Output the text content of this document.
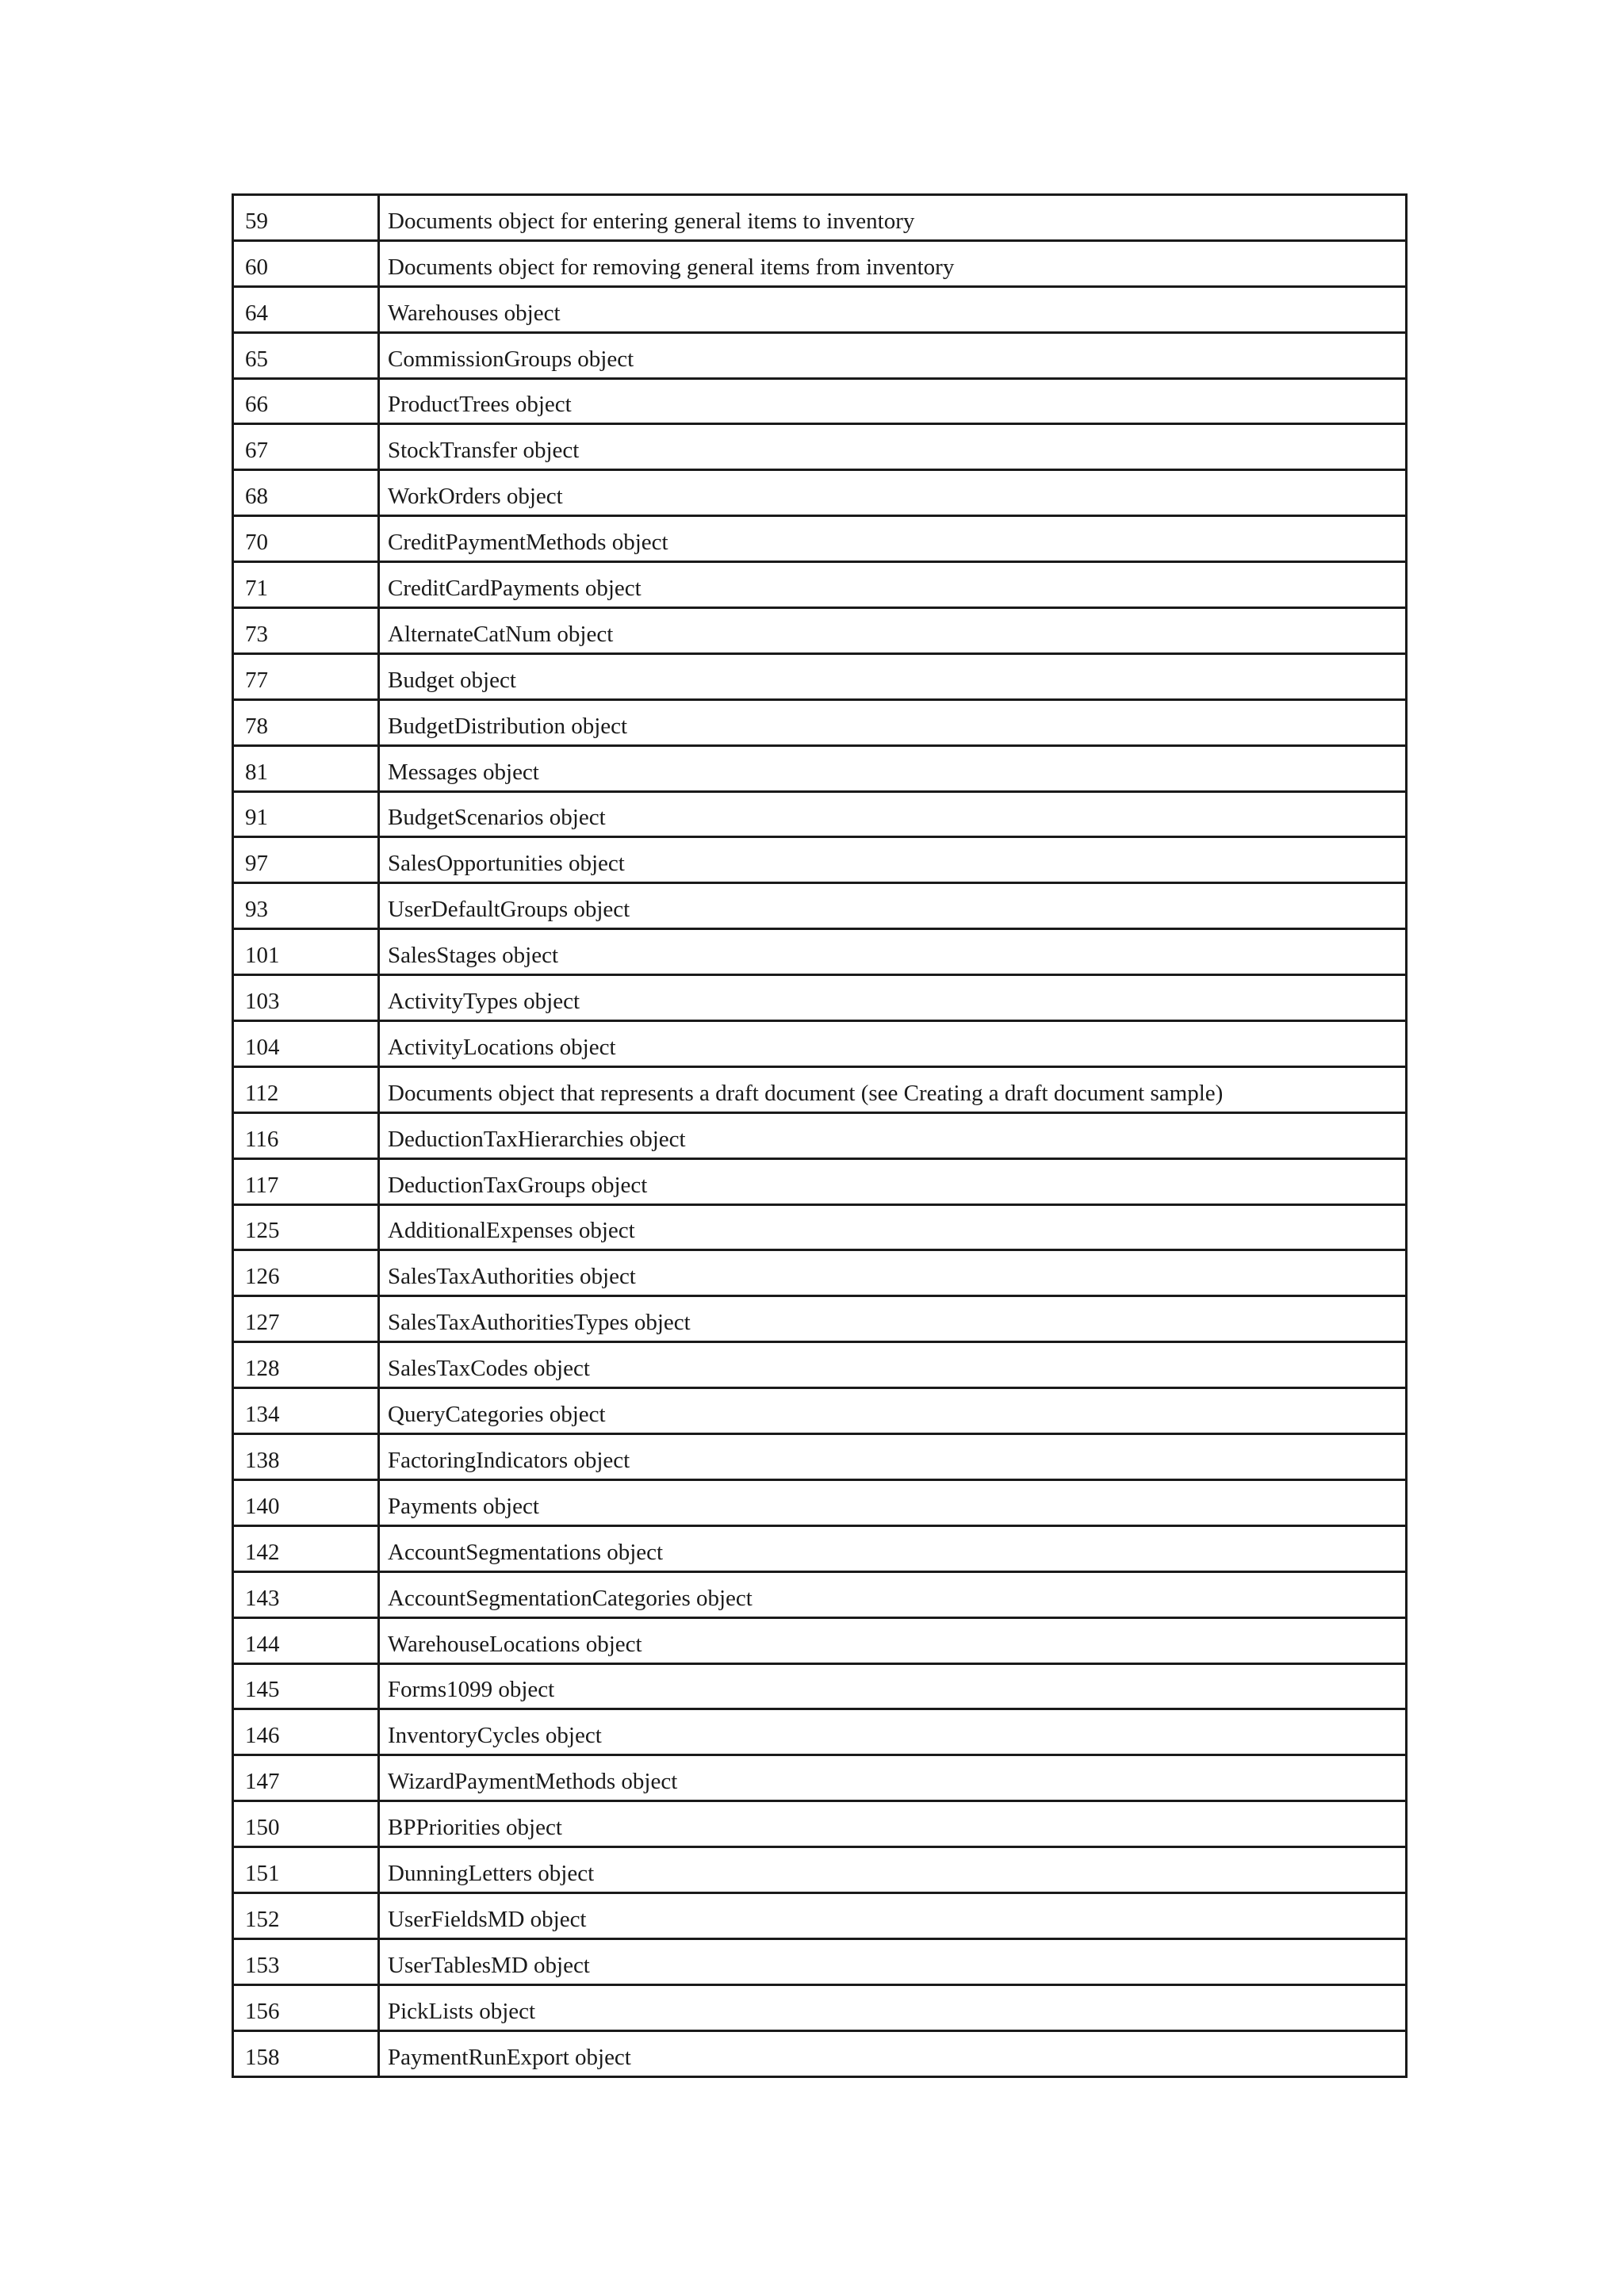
59	Documents object for entering general items to inventory
60	Documents object for removing general items from inventory
64	Warehouses object
65	CommissionGroups object
66	ProductTrees object
67	StockTransfer object
68	WorkOrders object
70	CreditPaymentMethods object
71	CreditCardPayments object
73	AlternateCatNum object
77	Budget object
78	BudgetDistribution object
81	Messages object
91	BudgetScenarios object
97	SalesOpportunities object
93	UserDefaultGroups object
101	SalesStages object
103	ActivityTypes object
104	ActivityLocations object
112	Documents object that represents a draft document (see Creating a draft document sample)
116	DeductionTaxHierarchies object
117	DeductionTaxGroups object
125	AdditionalExpenses object
126	SalesTaxAuthorities object
127	SalesTaxAuthoritiesTypes object
128	SalesTaxCodes object
134	QueryCategories object
138	FactoringIndicators object
140	Payments object
142	AccountSegmentations object
143	AccountSegmentationCategories object
144	WarehouseLocations object
145	Forms1099 object
146	InventoryCycles object
147	WizardPaymentMethods object
150	BPPriorities object
151	DunningLetters object
152	UserFieldsMD object
153	UserTablesMD object
156	PickLists object
158	PaymentRunExport object
